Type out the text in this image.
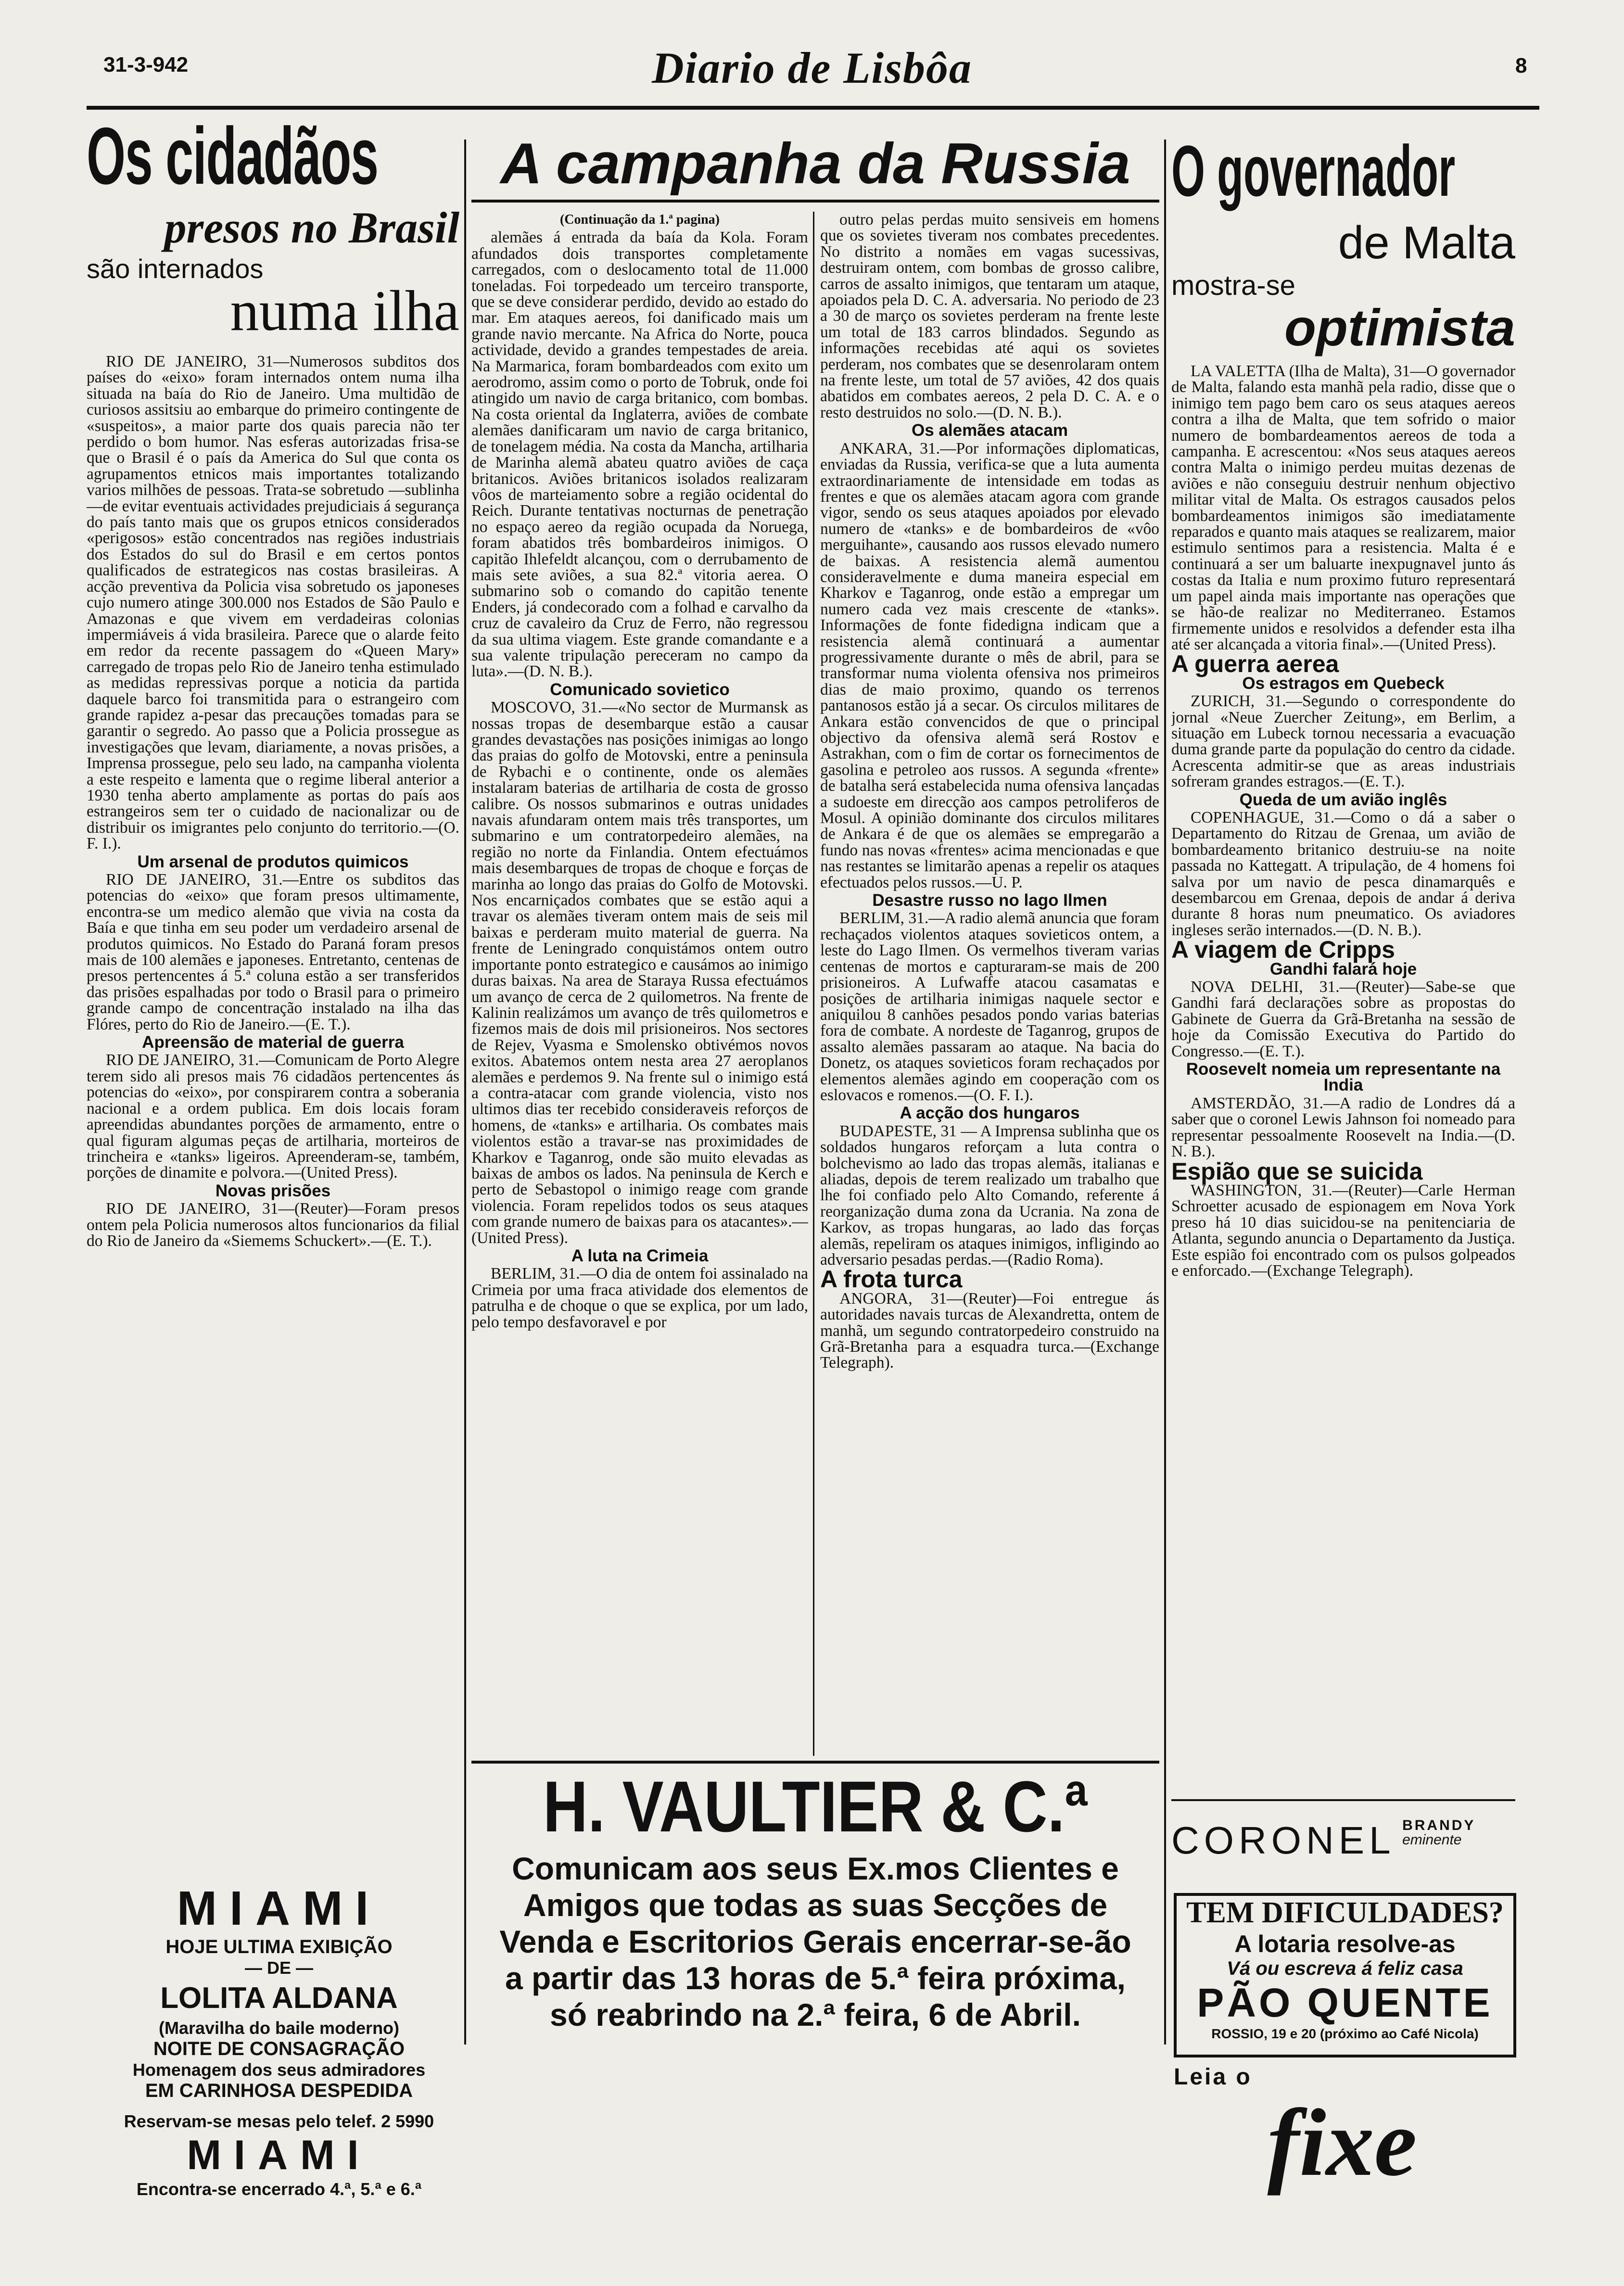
31-3-942	Diario de Lisbôa	8
Os cidadãos
presos no Brasil
são internados
numa ilha

RIO DE JANEIRO, 31—Numerosos subditos dos países do «eixo» foram internados ontem numa ilha situada na baía do Rio de Janeiro. Uma multidão de curiosos assitsiu ao embarque do primeiro contingente de «suspeitos», a maior parte dos quais parecia não ter perdido o bom humor. Nas esferas autorizadas frisa-se que o Brasil é o país da America do Sul que conta os agrupamentos etnicos mais importantes totalizando varios milhões de pessoas. Trata-se sobretudo —sublinha—de evitar eventuais actividades prejudiciais á segurança do país tanto mais que os grupos etnicos considerados «perigosos» estão concentrados nas regiões industriais dos Estados do sul do Brasil e em certos pontos qualificados de estrategicos nas costas brasileiras. A acção preventiva da Policia visa sobretudo os japoneses cujo numero atinge 300.000 nos Estados de São Paulo e Amazonas e que vivem em verdadeiras colonias impermiáveis á vida brasileira. Parece que o alarde feito em redor da recente passagem do «Queen Mary» carregado de tropas pelo Rio de Janeiro tenha estimulado as medidas repressivas porque a noticia da partida daquele barco foi transmitida para o estrangeiro com grande rapidez a-pesar das precauções tomadas para se garantir o segredo. Ao passo que a Policia prossegue as investigações que levam, diariamente, a novas prisões, a Imprensa prossegue, pelo seu lado, na campanha violenta a este respeito e lamenta que o regime liberal anterior a 1930 tenha aberto amplamente as portas do país aos estrangeiros sem ter o cuidado de nacionalizar ou de distribuir os imigrantes pelo conjunto do territorio.—(O. F. I.).

Um arsenal de produtos quimicos

RIO DE JANEIRO, 31.—Entre os subditos das potencias do «eixo» que foram presos ultimamente, encontra-se um medico alemão que vivia na costa da Baía e que tinha em seu poder um verdadeiro arsenal de produtos quimicos. No Estado do Paraná foram presos mais de 100 alemães e japoneses. Entretanto, centenas de presos pertencentes á 5.ª coluna estão a ser transferidos das prisões espalhadas por todo o Brasil para o primeiro grande campo de concentração instalado na ilha das Flóres, perto do Rio de Janeiro.—(E. T.).

Apreensão de material de guerra

RIO DE JANEIRO, 31.—Comunicam de Porto Alegre terem sido ali presos mais 76 cidadãos pertencentes ás potencias do «eixo», por conspirarem contra a soberania nacional e a ordem publica. Em dois locais foram apreendidas abundantes porções de armamento, entre o qual figuram algumas peças de artilharia, morteiros de trincheira e «tanks» ligeiros. Apreenderam-se, também, porções de dinamite e polvora.—(United Press).

Novas prisões

RIO DE JANEIRO, 31—(Reuter)—Foram presos ontem pela Policia numerosos altos funcionarios da filial do Rio de Janeiro da «Siemems Schuckert».—(E. T.).

MIAMI
HOJE ULTIMA EXIBIÇÃO
— DE —
LOLITA ALDANA
(Maravilha do baile moderno)
NOITE DE CONSAGRAÇÃO
Homenagem dos seus admiradores
EM CARINHOSA DESPEDIDA
Reservam-se mesas pelo telef. 2 5990
MIAMI
Encontra-se encerrado 4.ª, 5.ª e 6.ª
A campanha da Russia
(Continuação da 1.ª pagina)

alemães á entrada da baía da Kola. Foram afundados dois transportes completamente carregados, com o deslocamento total de 11.000 toneladas. Foi torpedeado um terceiro transporte, que se deve considerar perdido, devido ao estado do mar. Em ataques aereos, foi danificado mais um grande navio mercante. Na Africa do Norte, pouca actividade, devido a grandes tempestades de areia. Na Marmarica, foram bombardeados com exito um aerodromo, assim como o porto de Tobruk, onde foi atingido um navio de carga britanico, com bombas. Na costa oriental da Inglaterra, aviões de combate alemães danificaram um navio de carga britanico, de tonelagem média. Na costa da Mancha, artilharia de Marinha alemã abateu quatro aviões de caça britanicos. Aviões britanicos isolados realizaram vôos de marteiamento sobre a região ocidental do Reich. Durante tentativas nocturnas de penetração no espaço aereo da região ocupada da Noruega, foram abatidos três bombardeiros inimigos. O capitão Ihlefeldt alcançou, com o derrubamento de mais sete aviões, a sua 82.ª vitoria aerea. O submarino sob o comando do capitão tenente Enders, já condecorado com a folhad e carvalho da cruz de cavaleiro da Cruz de Ferro, não regressou da sua ultima viagem. Este grande comandante e a sua valente tripulação pereceram no campo da luta».—(D. N. B.).

Comunicado sovietico

MOSCOVO, 31.—«No sector de Murmansk as nossas tropas de desembarque estão a causar grandes devastações nas posições inimigas ao longo das praias do golfo de Motovski, entre a peninsula de Rybachi e o continente, onde os alemães instalaram baterias de artilharia de costa de grosso calibre. Os nossos submarinos e outras unidades navais afundaram ontem mais três transportes, um submarino e um contratorpedeiro alemães, na região no norte da Finlandia. Ontem efectuámos mais desembarques de tropas de choque e forças de marinha ao longo das praias do Golfo de Motovski. Nos encarniçados combates que se estão aqui a travar os alemães tiveram ontem mais de seis mil baixas e perderam muito material de guerra. Na frente de Leningrado conquistámos ontem outro importante ponto estrategico e causámos ao inimigo duras baixas. Na area de Staraya Russa efectuámos um avanço de cerca de 2 quilometros. Na frente de Kalinin realizámos um avanço de três quilometros e fizemos mais de dois mil prisioneiros. Nos sectores de Rejev, Vyasma e Smolensko obtivémos novos exitos. Abatemos ontem nesta area 27 aeroplanos alemães e perdemos 9. Na frente sul o inimigo está a contra-atacar com grande violencia, visto nos ultimos dias ter recebido consideraveis reforços de homens, de «tanks» e artilharia. Os combates mais violentos estão a travar-se nas proximidades de Kharkov e Taganrog, onde são muito elevadas as baixas de ambos os lados. Na peninsula de Kerch e perto de Sebastopol o inimigo reage com grande violencia. Foram repelidos todos os seus ataques com grande numero de baixas para os atacantes».—(United Press).

A luta na Crimeia

BERLIM, 31.—O dia de ontem foi assinalado na Crimeia por uma fraca atividade dos elementos de patrulha e de choque o que se explica, por um lado, pelo tempo desfavoravel e por

outro pelas perdas muito sensiveis em homens que os sovietes tiveram nos combates precedentes. No distrito a nomães em vagas sucessivas, destruiram ontem, com bombas de grosso calibre, carros de assalto inimigos, que tentaram um ataque, apoiados pela D. C. A. adversaria. No periodo de 23 a 30 de março os sovietes perderam na frente leste um total de 183 carros blindados. Segundo as informações recebidas até aqui os sovietes perderam, nos combates que se desenrolaram ontem na frente leste, um total de 57 aviões, 42 dos quais abatidos em combates aereos, 2 pela D. C. A. e o resto destruidos no solo.—(D. N. B.).

Os alemães atacam

ANKARA, 31.—Por informações diplomaticas, enviadas da Russia, verifica-se que a luta aumenta extraordinariamente de intensidade em todas as frentes e que os alemães atacam agora com grande vigor, sendo os seus ataques apoiados por elevado numero de «tanks» e de bombardeiros de «vôo merguihante», causando aos russos elevado numero de baixas. A resistencia alemã aumentou consideravelmente e duma maneira especial em Kharkov e Taganrog, onde estão a empregar um numero cada vez mais crescente de «tanks». Informações de fonte fidedigna indicam que a resistencia alemã continuará a aumentar progressivamente durante o mês de abril, para se transformar numa violenta ofensiva nos primeiros dias de maio proximo, quando os terrenos pantanosos estão já a secar. Os circulos militares de Ankara estão convencidos de que o principal objectivo da ofensiva alemã será Rostov e Astrakhan, com o fim de cortar os fornecimentos de gasolina e petroleo aos russos. A segunda «frente» de batalha será estabelecida numa ofensiva lançadas a sudoeste em direcção aos campos petroliferos de Mosul. A opinião dominante dos circulos militares de Ankara é de que os alemães se empregarão a fundo nas novas «frentes» acima mencionadas e que nas restantes se limitarão apenas a repelir os ataques efectuados pelos russos.—U. P.

Desastre russo no lago Ilmen

BERLIM, 31.—A radio alemã anuncia que foram rechaçados violentos ataques sovieticos ontem, a leste do Lago Ilmen. Os vermelhos tiveram varias centenas de mortos e capturaram-se mais de 200 prisioneiros. A Lufwaffe atacou casamatas e posições de artilharia inimigas naquele sector e aniquilou 8 canhões pesados pondo varias baterias fora de combate. A nordeste de Taganrog, grupos de assalto alemães passaram ao ataque. Na bacia do Donetz, os ataques sovieticos foram rechaçados por elementos alemães agindo em cooperação com os eslovacos e romenos.—(O. F. I.).

A acção dos hungaros

BUDAPESTE, 31 — A Imprensa sublinha que os soldados hungaros reforçam a luta contra o bolchevismo ao lado das tropas alemãs, italianas e aliadas, depois de terem realizado um trabalho que lhe foi confiado pelo Alto Comando, referente á reorganização duma zona da Ucrania. Na zona de Karkov, as tropas hungaras, ao lado das forças alemãs, repeliram os ataques inimigos, infligindo ao adversario pesadas perdas.—(Radio Roma).

A frota turca

ANGORA, 31—(Reuter)—Foi entregue ás autoridades navais turcas de Alexandretta, ontem de manhã, um segundo contratorpedeiro construido na Grã-Bretanha para a esquadra turca.—(Exchange Telegraph).

H. VAULTIER & C.ª
Comunicam aos seus Ex.mos Clientes e
Amigos que todas as suas Secções de
Venda e Escritorios Gerais encerrar-se-ão
a partir das 13 horas de 5.ª feira próxima,
só reabrindo na 2.ª feira, 6 de Abril.
O governador
de Malta
mostra-se
optimista

LA VALETTA (Ilha de Malta), 31—O governador de Malta, falando esta manhã pela radio, disse que o inimigo tem pago bem caro os seus ataques aereos contra a ilha de Malta, que tem sofrido o maior numero de bombardeamentos aereos de toda a campanha. E acrescentou: «Nos seus ataques aereos contra Malta o inimigo perdeu muitas dezenas de aviões e não conseguiu destruir nenhum objectivo militar vital de Malta. Os estragos causados pelos bombardeamentos inimigos são imediatamente reparados e quanto mais ataques se realizarem, maior estimulo sentimos para a resistencia. Malta é e continuará a ser um baluarte inexpugnavel junto ás costas da Italia e num proximo futuro representará um papel ainda mais importante nas operações que se hão-de realizar no Mediterraneo. Estamos firmemente unidos e resolvidos a defender esta ilha até ser alcançada a vitoria final».—(United Press).

A guerra aerea
Os estragos em Quebeck

ZURICH, 31.—Segundo o correspondente do jornal «Neue Zuercher Zeitung», em Berlim, a situação em Lubeck tornou necessaria a evacuação duma grande parte da população do centro da cidade. Acrescenta admitir-se que as areas industriais sofreram grandes estragos.—(E. T.).

Queda de um avião inglês

COPENHAGUE, 31.—Como o dá a saber o Departamento do Ritzau de Grenaa, um avião de bombardeamento britanico destruiu-se na noite passada no Kattegatt. A tripulação, de 4 homens foi salva por um navio de pesca dinamarquês e desembarcou em Grenaa, depois de andar á deriva durante 8 horas num pneumatico. Os aviadores ingleses serão internados.—(D. N. B.).

A viagem de Cripps
Gandhi falará hoje

NOVA DELHI, 31.—(Reuter)—Sabe-se que Gandhi fará declarações sobre as propostas do Gabinete de Guerra da Grã-Bretanha na sessão de hoje da Comissão Executiva do Partido do Congresso.—(E. T.).

Roosevelt nomeia um representante na India

AMSTERDÃO, 31.—A radio de Londres dá a saber que o coronel Lewis Jahnson foi nomeado para representar pessoalmente Roosevelt na India.—(D. N. B.).

Espião que se suicida

WASHINGTON, 31.—(Reuter)—Carle Herman Schroetter acusado de espionagem em Nova York preso há 10 dias suicidou-se na penitenciaria de Atlanta, segundo anuncia o Departamento da Justiça. Este espião foi encontrado com os pulsos golpeados e enforcado.—(Exchange Telegraph).

CORONEL BRANDY
eminente
TEM DIFICULDADES?
A lotaria resolve-as
Vá ou escreva á feliz casa
PÃO QUENTE
ROSSIO, 19 e 20 (próximo ao Café Nicola)
Leia o
fixe
